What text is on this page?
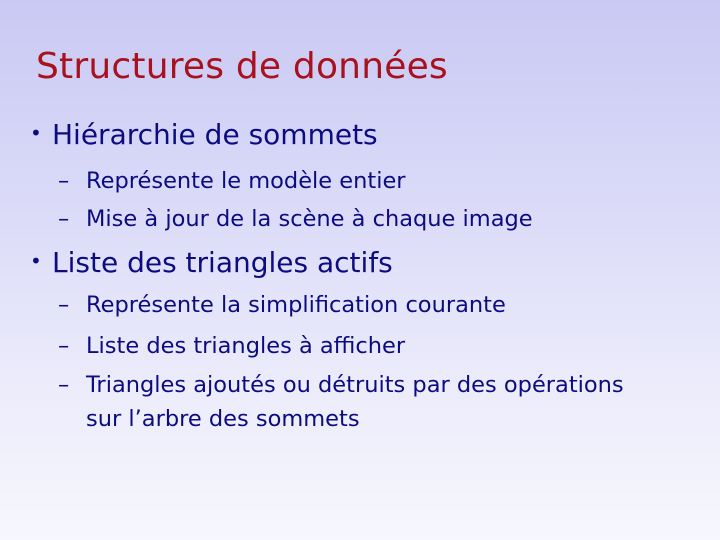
Structures de données
• Hiérarchie de sommets
– Représente le modèle entier
– Mise à jour de la scène à chaque image
• Liste des triangles actifs
– Représente la simplification courante
– Liste des triangles à afficher
– Triangles ajoutés ou détruits par des opérations
sur l’arbre des sommets
